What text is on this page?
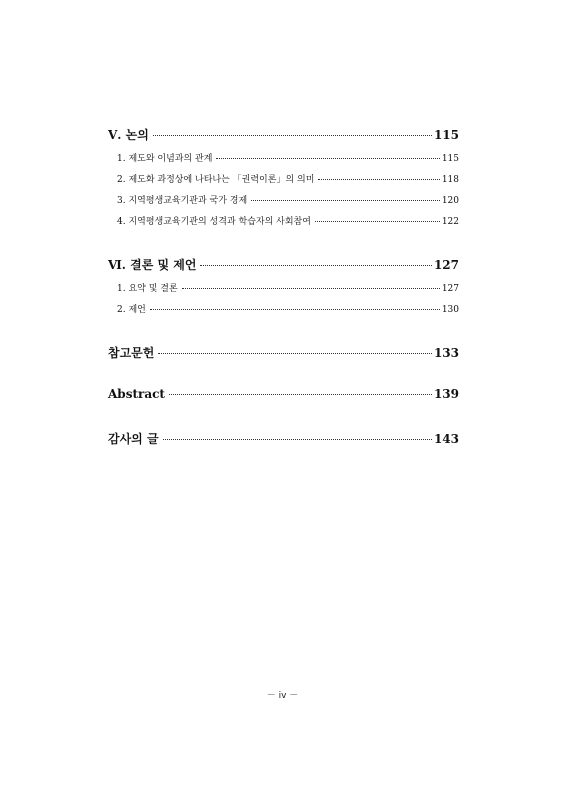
Ⅴ. 논의	115
1. 제도와 이념과의 관계	115
2. 제도화 과정상에 나타나는 「권력이론」의 의미	118
3. 지역평생교육기관과 국가 경제	120
4. 지역평생교육기관의 성격과 학습자의 사회참여	122
Ⅵ. 결론 및 제언	127
1. 요약 및 결론	127
2. 제언	130
참고문헌	133
Abstract	139
감사의 글	143
－ iv －
